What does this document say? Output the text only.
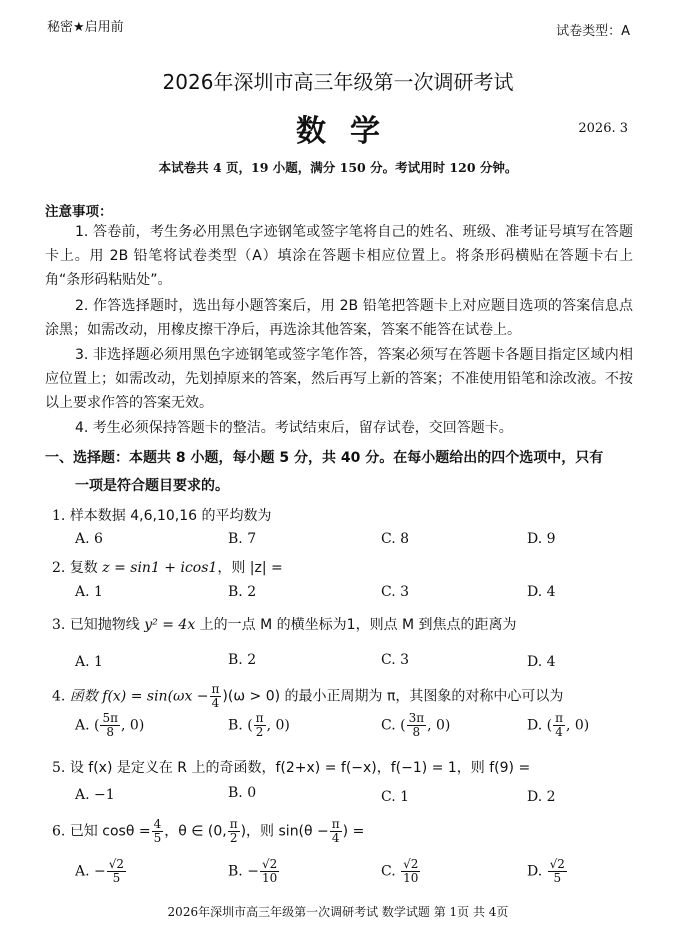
秘密★启用前	试卷类型：A
2026年深圳市高三年级第一次调研考试
数学	2026. 3
本试卷共 4 页，19 小题，满分 150 分。考试用时 120 分钟。
注意事项：
1. 答卷前，考生务必用黑色字迹钢笔或签字笔将自己的姓名、班级、准考证号填写在答题卡上。用 2B 铅笔将试卷类型（A）填涂在答题卡相应位置上。将条形码横贴在答题卡右上角“条形码粘贴处”。
2. 作答选择题时，选出每小题答案后，用 2B 铅笔把答题卡上对应题目选项的答案信息点涂黑；如需改动，用橡皮擦干净后，再选涂其他答案，答案不能答在试卷上。
3. 非选择题必须用黑色字迹钢笔或签字笔作答，答案必须写在答题卡各题目指定区域内相应位置上；如需改动，先划掉原来的答案，然后再写上新的答案；不准使用铅笔和涂改液。不按以上要求作答的答案无效。
4. 考生必须保持答题卡的整洁。考试结束后，留存试卷，交回答题卡。
一、选择题：本题共 8 小题，每小题 5 分，共 40 分。在每小题给出的四个选项中，只有
一项是符合题目要求的。
1. 样本数据 4,6,10,16 的平均数为
A. 6	B. 7	C. 8	D. 9
2. 复数 z = sin1 + icos1，则 |z| =
A. 1	B. 2	C. 3	D. 4
3. 已知抛物线 y² = 4x 上的一点 M 的横坐标为1，则点 M 到焦点的距离为
A. 1	B. 2	C. 3	D. 4
4. 函数 $f(x) = \sin(\omega x - \frac{\pi}{4} )(\omega > 0)$ 的最小正周期为 π，其图象的对称中心可以为
A. ( $\frac{5\pi}{8}$ , 0)	B. ( $\frac{\pi}{2}$ , 0)	C. ( $\frac{3\pi}{8}$ , 0)	D. ( $\frac{\pi}{4}$ , 0)
5. 设 f(x) 是定义在 R 上的奇函数，f(2+x) = f(−x)，f(−1) = 1，则 f(9) =
A. −1	B. 0	C. 1	D. 2
6. 已知 $\cos\theta = \frac{4}{5}$ ，θ ∈ (0, $\frac{\pi}{2}$ )，则 $\sin(\theta - \frac{\pi}{4}$ ) =
A. − $\frac{√2}{5}$	B. − $\frac{√2}{10}$	C. $\frac{√2}{10}$	D. $\frac{√2}{5}$
2026年深圳市高三年级第一次调研考试 数学试题 第 1页 共 4页
